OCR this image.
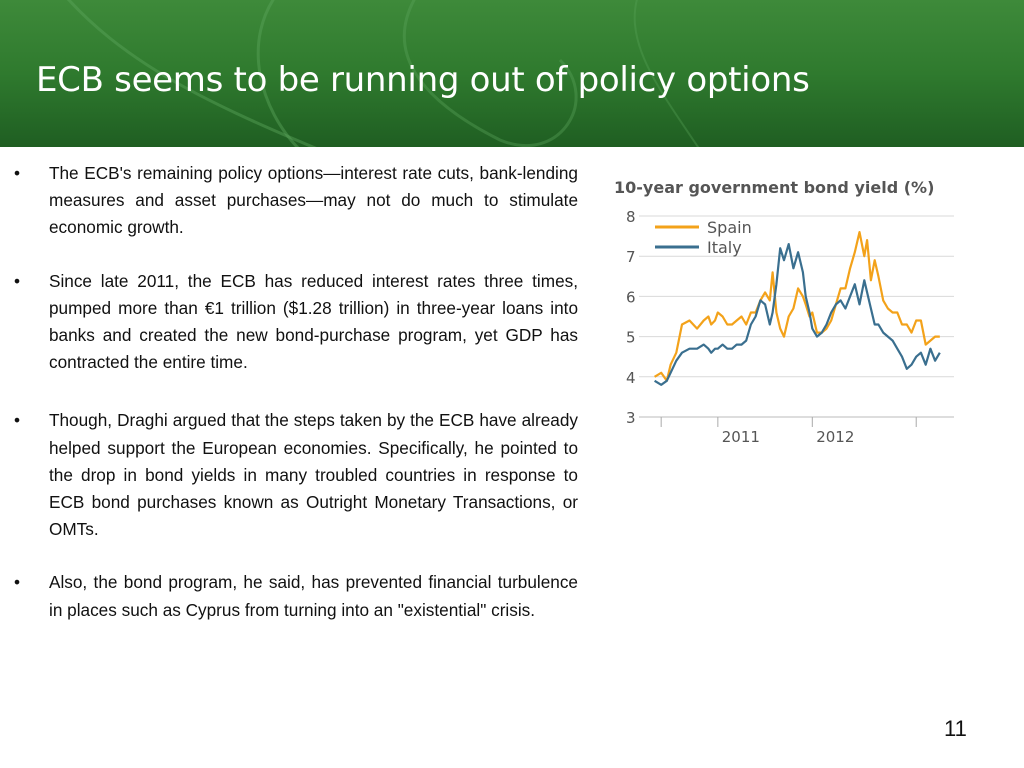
ECB seems to be running out of policy options
• The ECB's remaining policy options—interest rate cuts, bank-lending measures and asset purchases—may not do much to stimulate economic growth.
• Since late 2011, the ECB has reduced interest rates three times, pumped more than €1 trillion ($1.28 trillion) in three-year loans into banks and created the new bond-purchase program, yet GDP has contracted the entire time.
• Though, Draghi argued that the steps taken by the ECB have already helped support the European economies. Specifically, he pointed to the drop in bond yields in many troubled countries in response to ECB bond purchases known as Outright Monetary Transactions, or OMTs.
• Also, the bond program, he said, has prevented financial turbulence in places such as Cyprus from turning into an "existential" crisis.
10-year government bond yield (%)
3
4
5
6
7
8
2011	2012
Spain
Italy
11
